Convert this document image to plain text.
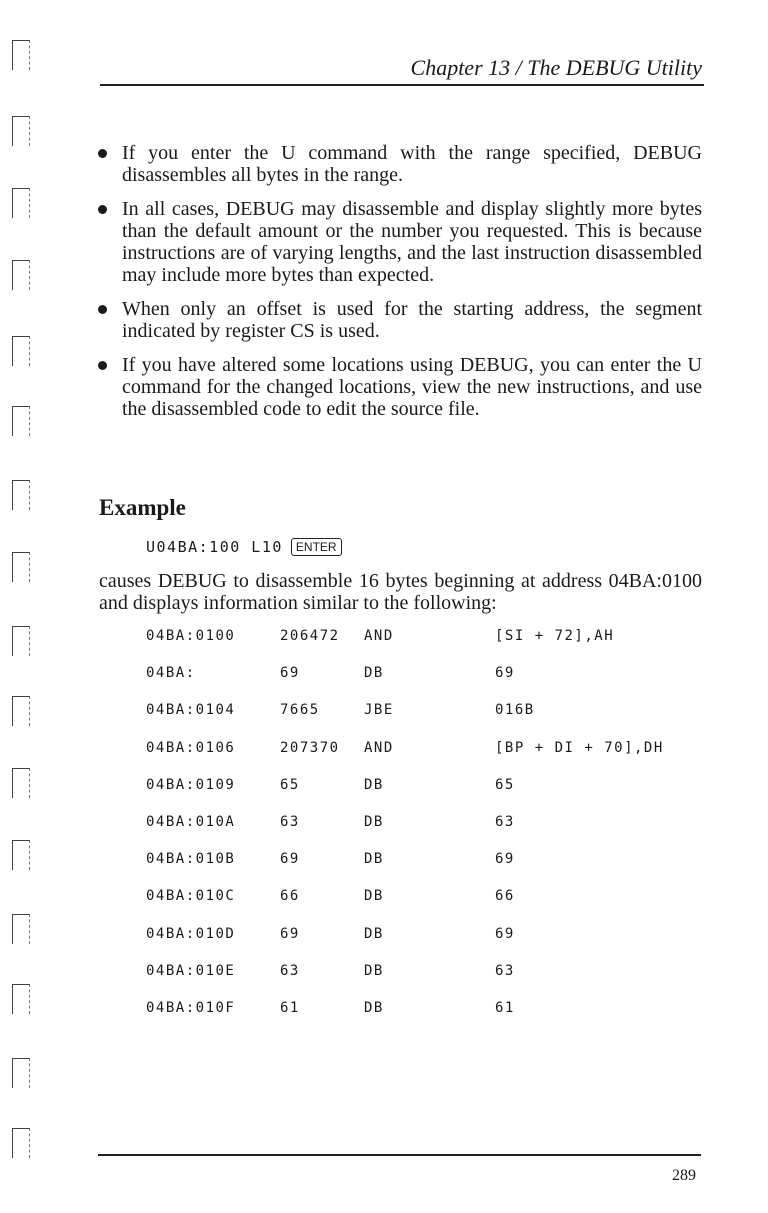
Chapter 13 / The DEBUG Utility
If you enter the U command with the range specified, DEBUG disassembles all bytes in the range.
In all cases, DEBUG may disassemble and display slightly more bytes than the default amount or the number you requested. This is because instructions are of varying lengths, and the last instruction disassembled may include more bytes than expected.
When only an offset is used for the starting address, the segment indicated by register CS is used.
If you have altered some locations using DEBUG, you can enter the U command for the changed locations, view the new instructions, and use the disassembled code to edit the source file.
Example
U04BA:100 L10 ENTER
causes DEBUG to disassemble 16 bytes beginning at address 04BA:0100 and displays information similar to the following:
04BA:0100	206472 AND	[SI + 72],AH
04BA:	69	DB	69
04BA:0104	7665	JBE	016B
04BA:0106	207370 AND	[BP + DI + 70],DH
04BA:0109	65	DB	65
04BA:010A	63	DB	63
04BA:010B	69	DB	69
04BA:010C	66	DB	66
04BA:010D	69	DB	69
04BA:010E	63	DB	63
04BA:010F	61	DB	61
289
